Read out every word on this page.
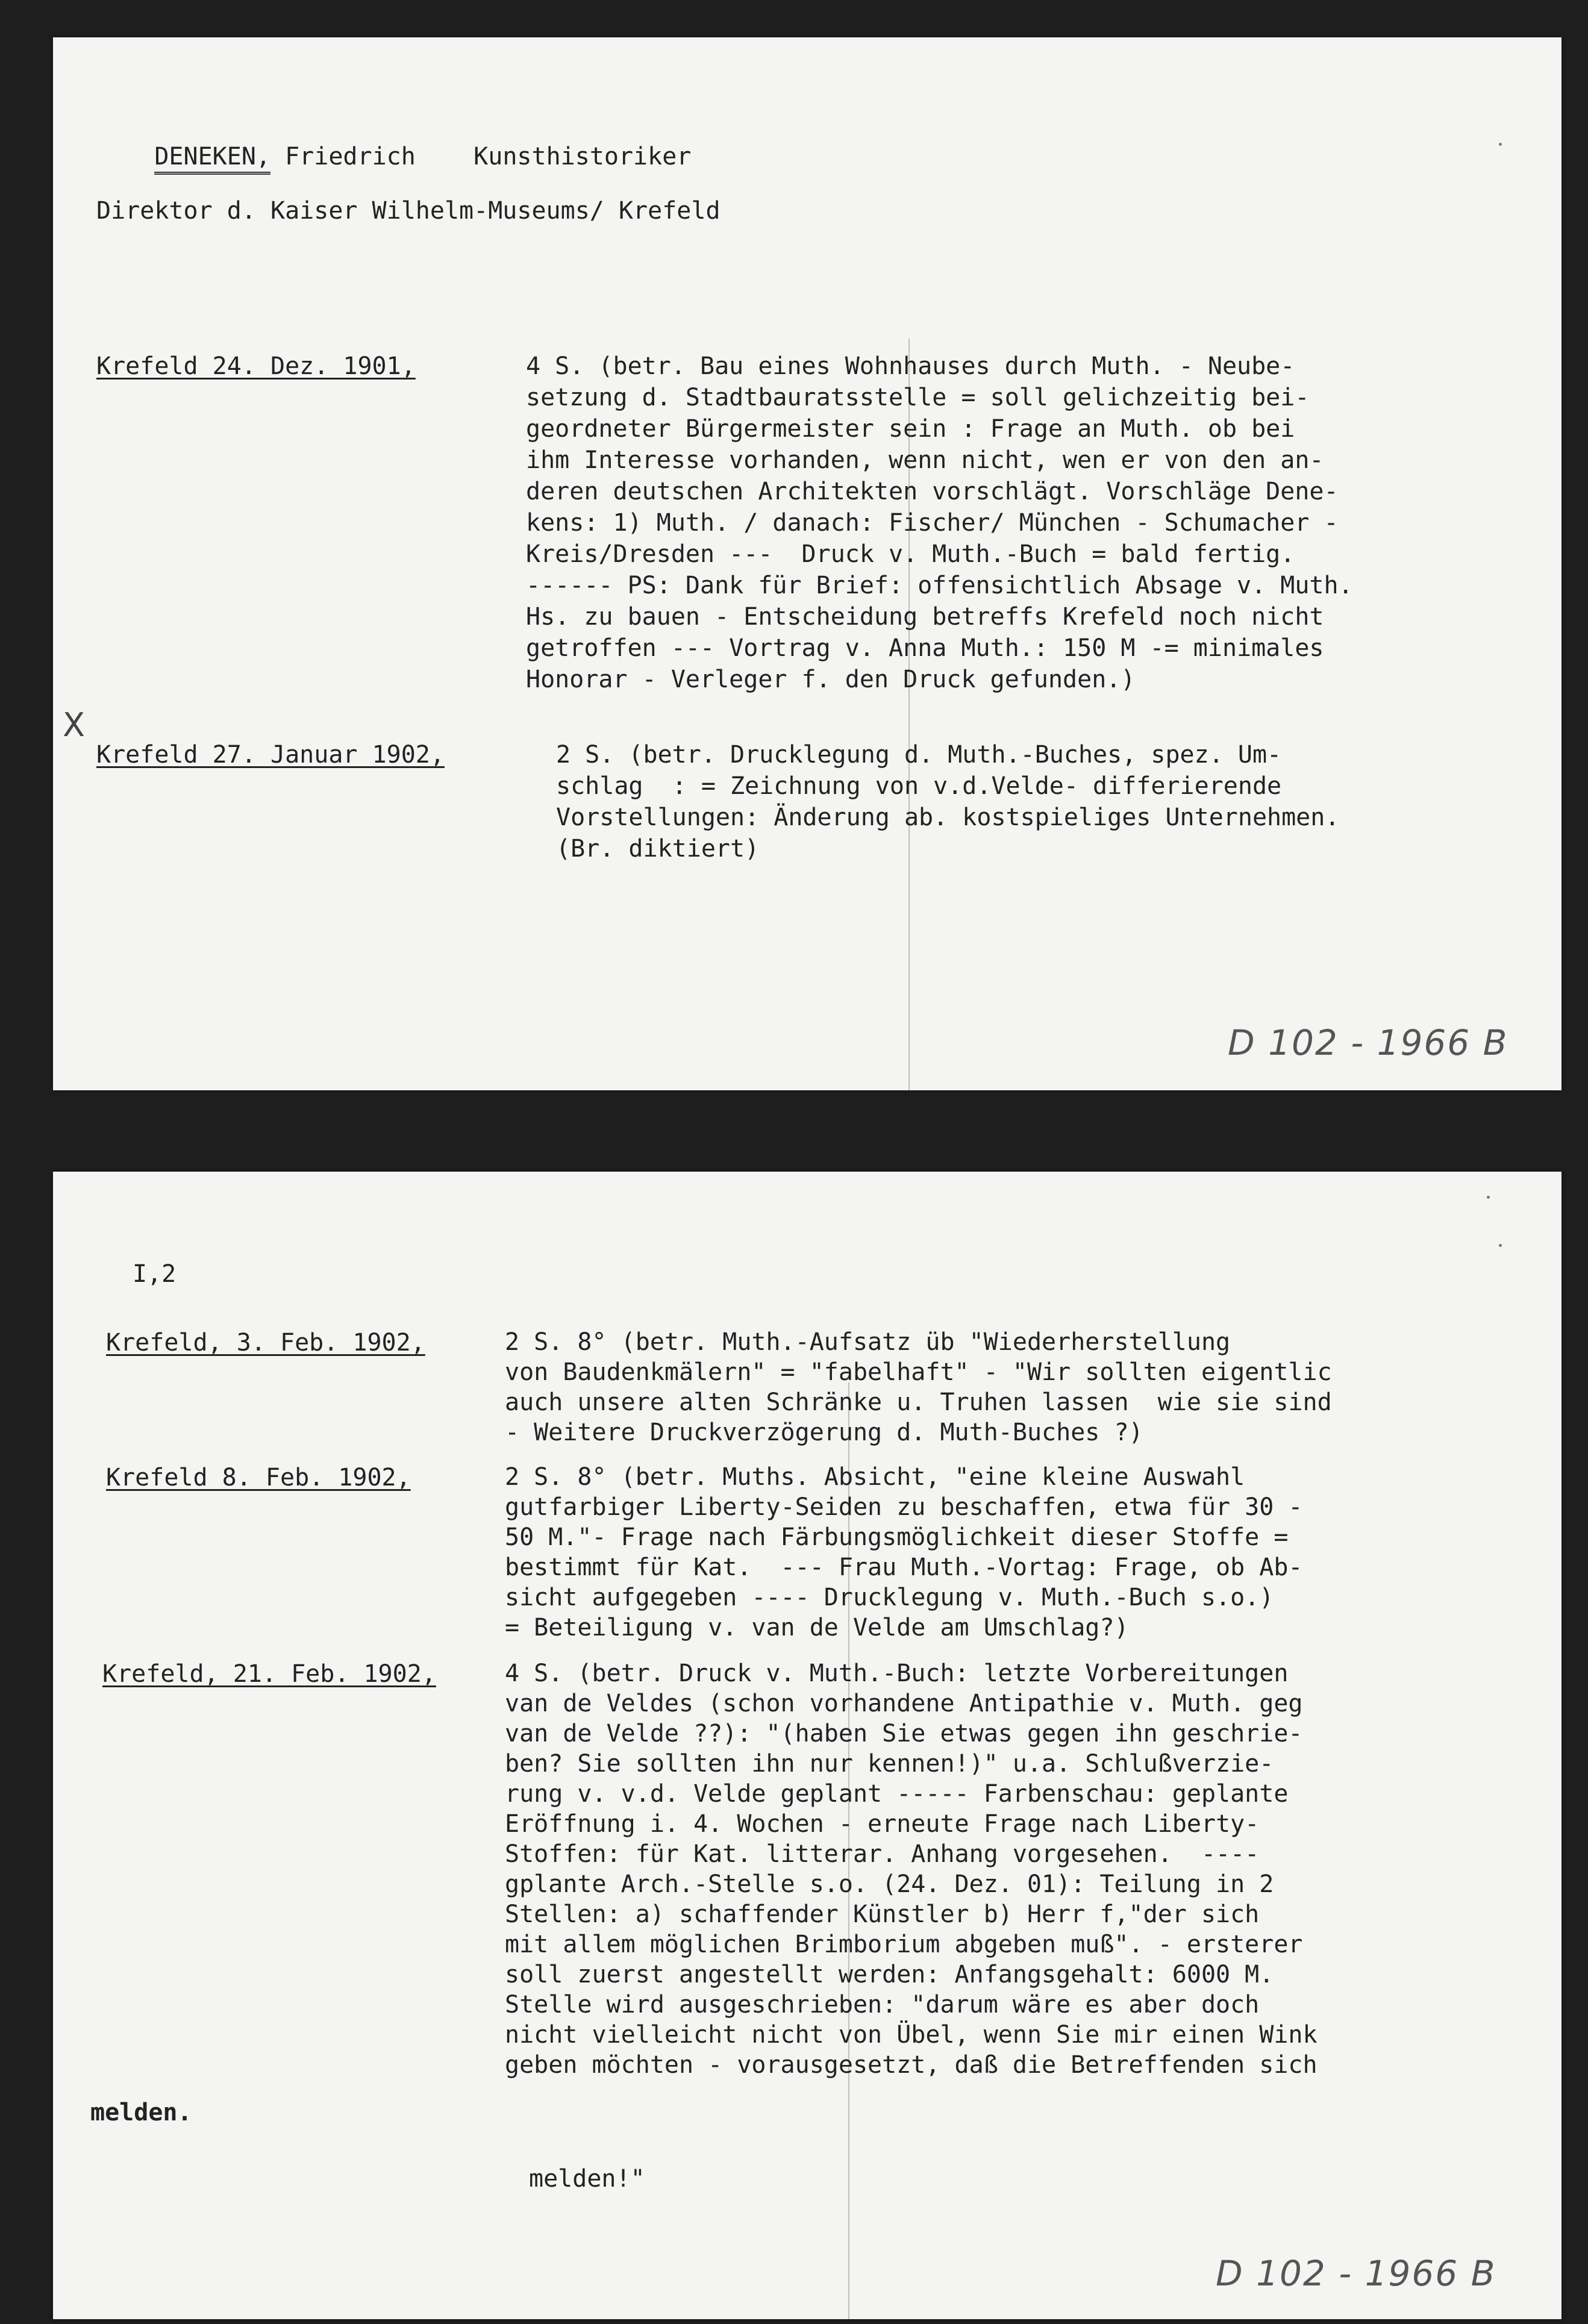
DENEKEN, Friedrich Kunsthistoriker

Direktor d. Kaiser Wilhelm-Museums/ Krefeld
Krefeld 24. Dez. 1901,	4 S. (betr. Bau eines Wohnhauses durch Muth. - Neube-
setzung d. Stadtbauratsstelle = soll gelichzeitig bei-
geordneter Bürgermeister sein : Frage an Muth. ob bei
ihm Interesse vorhanden, wenn nicht, wen er von den an-
deren deutschen Architekten vorschlägt. Vorschläge Dene-
kens: 1) Muth. / danach: Fischer/ München - Schumacher -
Kreis/Dresden ---  Druck v. Muth.-Buch = bald fertig.
------ PS: Dank für Brief: offensichtlich Absage v. Muth.
Hs. zu bauen - Entscheidung betreffs Krefeld noch nicht
getroffen --- Vortrag v. Anna Muth.: 150 M -= minimales
Honorar - Verleger f. den Druck gefunden.)
X
Krefeld 27. Januar 1902,	2 S. (betr. Drucklegung d. Muth.-Buches, spez. Um-
schlag  : = Zeichnung von v.d.Velde- differierende
Vorstellungen: Änderung ab. kostspieliges Unternehmen.
(Br. diktiert)
D 102 - 1966 B
I,2
Krefeld, 3. Feb. 1902,	2 S. 8° (betr. Muth.-Aufsatz üb "Wiederherstellung
von Baudenkmälern" = "fabelhaft" - "Wir sollten eigentlic
auch unsere alten Schränke u. Truhen lassen  wie sie sind
- Weitere Druckverzögerung d. Muth-Buches ?)
Krefeld 8. Feb. 1902,	2 S. 8° (betr. Muths. Absicht, "eine kleine Auswahl
gutfarbiger Liberty-Seiden zu beschaffen, etwa für 30 -
50 M."- Frage nach Färbungsmöglichkeit dieser Stoffe =
bestimmt für Kat.  --- Frau Muth.-Vortag: Frage, ob Ab-
sicht aufgegeben ---- Drucklegung v. Muth.-Buch s.o.)
= Beteiligung v. van de Velde am Umschlag?)
Krefeld, 21. Feb. 1902,	4 S. (betr. Druck v. Muth.-Buch: letzte Vorbereitungen
van de Veldes (schon vorhandene Antipathie v. Muth. geg
van de Velde ??): "(haben Sie etwas gegen ihn geschrie-
ben? Sie sollten ihn nur kennen!)" u.a. Schlußverzie-
rung v. v.d. Velde geplant ----- Farbenschau: geplante
Eröffnung i. 4. Wochen - erneute Frage nach Liberty-
Stoffen: für Kat. litterar. Anhang vorgesehen.  ----
gplante Arch.-Stelle s.o. (24. Dez. 01): Teilung in 2
Stellen: a) schaffender Künstler b) Herr f,"der sich
mit allem möglichen Brimborium abgeben muß". - ersterer
soll zuerst angestellt werden: Anfangsgehalt: 6000 M.
Stelle wird ausgeschrieben: "darum wäre es aber doch
nicht vielleicht nicht von Übel, wenn Sie mir einen Wink
geben möchten - vorausgesetzt, daß die Betreffenden sich
melden.
melden!"
D 102 - 1966 B
